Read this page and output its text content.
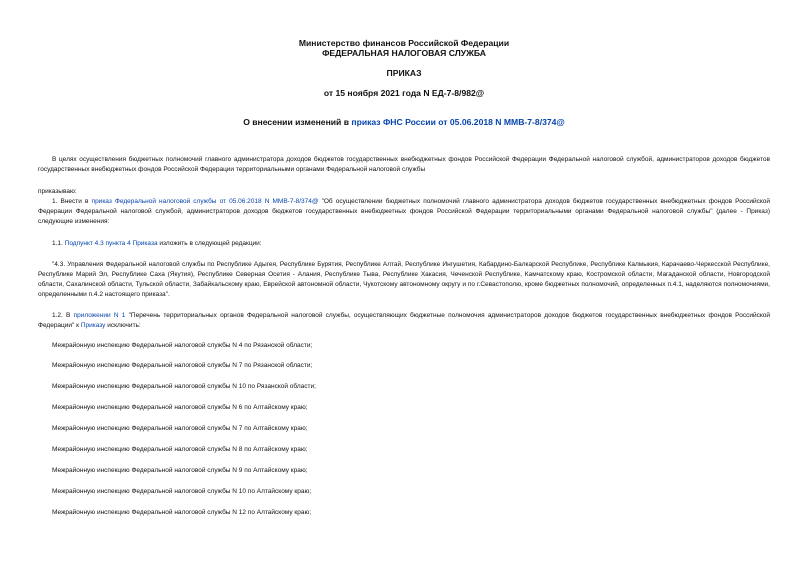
Министерство финансов Российской Федерации
ФЕДЕРАЛЬНАЯ НАЛОГОВАЯ СЛУЖБА
ПРИКАЗ
от 15 ноября 2021 года N ЕД-7-8/982@
О внесении изменений в приказ ФНС России от 05.06.2018 N ММВ-7-8/374@
В целях осуществления бюджетных полномочий главного администратора доходов бюджетов государственных внебюджетных фондов Российской Федерации Федеральной налоговой службой, администраторов доходов бюджетов государственных внебюджетных фондов Российской Федерации территориальными органами Федеральной налоговой службы
приказываю:
1. Внести в приказ Федеральной налоговой службы от 05.06.2018 N ММВ-7-8/374@ "Об осуществлении бюджетных полномочий главного администратора доходов бюджетов государственных внебюджетных фондов Российской Федерации Федеральной налоговой службой, администраторов доходов бюджетов государственных внебюджетных фондов Российской Федерации территориальными органами Федеральной налоговой службы" (далее - Приказ) следующие изменения:
1.1. Подпункт 4.3 пункта 4 Приказа изложить в следующей редакции:
"4.3. Управления Федеральной налоговой службы по Республике Адыгея, Республике Бурятия, Республике Алтай, Республике Ингушетия, Кабардино-Балкарской Республике, Республике Калмыкия, Карачаево-Черкесской Республике, Республике Марий Эл, Республике Саха (Якутия), Республике Северная Осетия - Алания, Республике Тыва, Республике Хакасия, Чеченской Республике, Камчатскому краю, Костромской области, Магаданской области, Новгородской области, Сахалинской области, Тульской области, Забайкальскому краю, Еврейской автономной области, Чукотскому автономному округу и по г.Севастополю, кроме бюджетных полномочий, определенных п.4.1, наделяются полномочиями, определенными п.4.2 настоящего приказа".
1.2. В приложении N 1 "Перечень территориальных органов Федеральной налоговой службы, осуществляющих бюджетные полномочия администраторов доходов бюджетов государственных внебюджетных фондов Российской Федерации" к Приказу исключить:
Межрайонную инспекцию Федеральной налоговой службы N 4 по Рязанской области;
Межрайонную инспекцию Федеральной налоговой службы N 7 по Рязанской области;
Межрайонную инспекцию Федеральной налоговой службы N 10 по Рязанской области;
Межрайонную инспекцию Федеральной налоговой службы N 6 по Алтайскому краю;
Межрайонную инспекцию Федеральной налоговой службы N 7 по Алтайскому краю;
Межрайонную инспекцию Федеральной налоговой службы N 8 по Алтайскому краю;
Межрайонную инспекцию Федеральной налоговой службы N 9 по Алтайскому краю;
Межрайонную инспекцию Федеральной налоговой службы N 10 по Алтайскому краю;
Межрайонную инспекцию Федеральной налоговой службы N 12 по Алтайскому краю;
